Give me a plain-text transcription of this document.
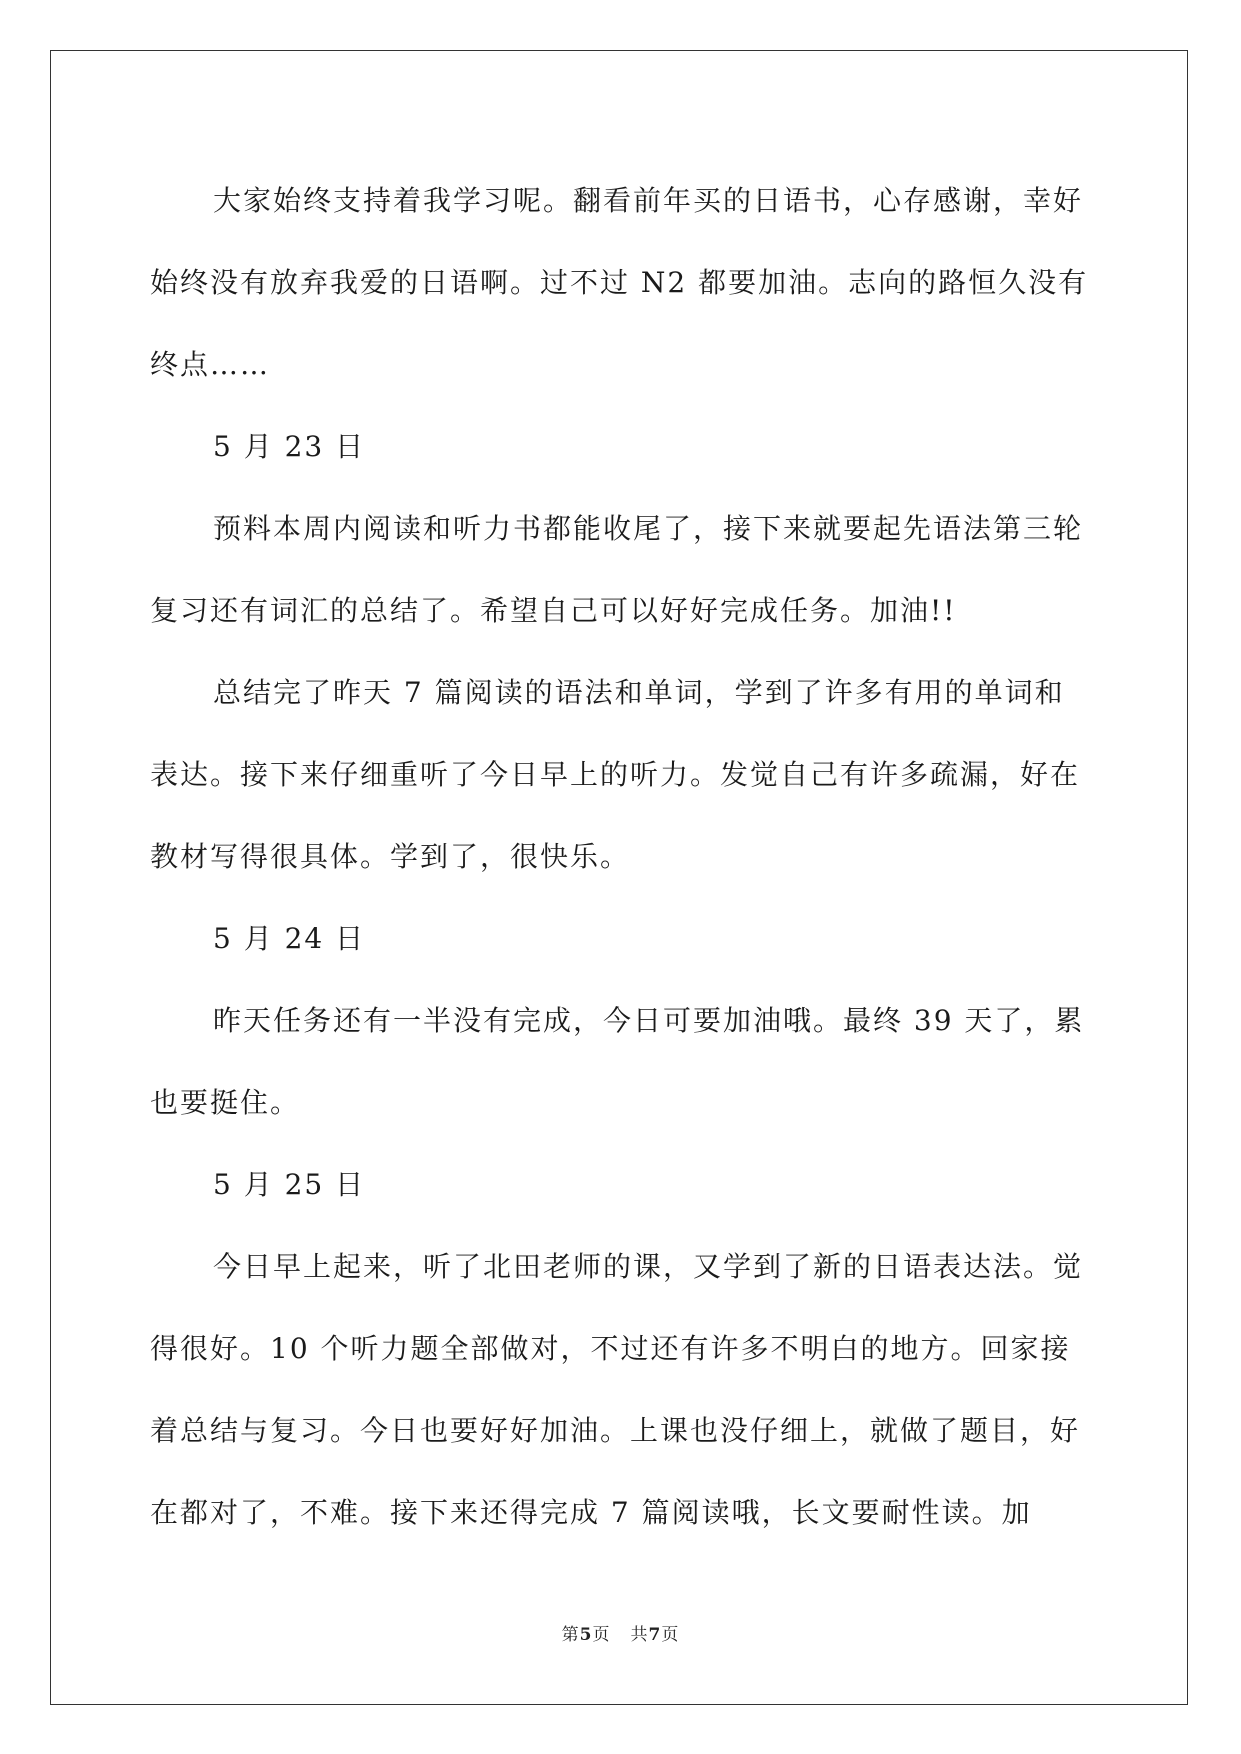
大家始终支持着我学习呢。翻看前年买的日语书，心存感谢，幸好始终没有放弃我爱的日语啊。过不过 N2 都要加油。志向的路恒久没有终点……

5 月 23 日

预料本周内阅读和听力书都能收尾了，接下来就要起先语法第三轮复习还有词汇的总结了。希望自己可以好好完成任务。加油!!

总结完了昨天 7 篇阅读的语法和单词，学到了许多有用的单词和表达。接下来仔细重听了今日早上的听力。发觉自己有许多疏漏，好在教材写得很具体。学到了，很快乐。

5 月 24 日

昨天任务还有一半没有完成，今日可要加油哦。最终 39 天了，累也要挺住。

5 月 25 日

今日早上起来，听了北田老师的课，又学到了新的日语表达法。觉得很好。10 个听力题全部做对，不过还有许多不明白的地方。回家接着总结与复习。今日也要好好加油。上课也没仔细上，就做了题目，好在都对了，不难。接下来还得完成 7 篇阅读哦，长文要耐性读。加

第5页 共7页
